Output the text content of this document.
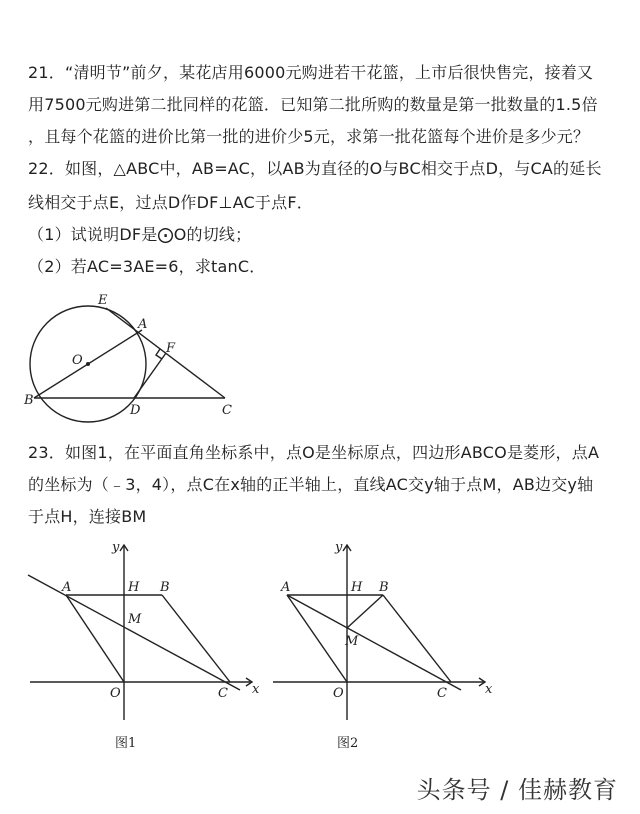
21．“清明节”前夕，某花店用6000元购进若干花篮，上市后很快售完，接着又
用7500元购进第二批同样的花篮．已知第二批所购的数量是第一批数量的1.5倍
，且每个花篮的进价比第一批的进价少5元，求第一批花篮每个进价是多少元？
22．如图，△ABC中，AB=AC，以AB为直径的O与BC相交于点D，与CA的延长
线相交于点E，过点D作DF⊥AC于点F．
（1）试说明DF是⨀O的切线；
（2）若AC=3AE=6，求tanC．
E
A
F
O
B
D	C
23．如图1，在平面直角坐标系中，点O是坐标原点，四边形ABCO是菱形，点A
的坐标为（﹣3，4），点C在x轴的正半轴上，直线AC交y轴于点M，AB边交y轴
于点H，连接BM
y
x
A	H B
M
O	C
图1
y
x
A	H B
M
O	C
图2
头条号 / 佳赫教育
